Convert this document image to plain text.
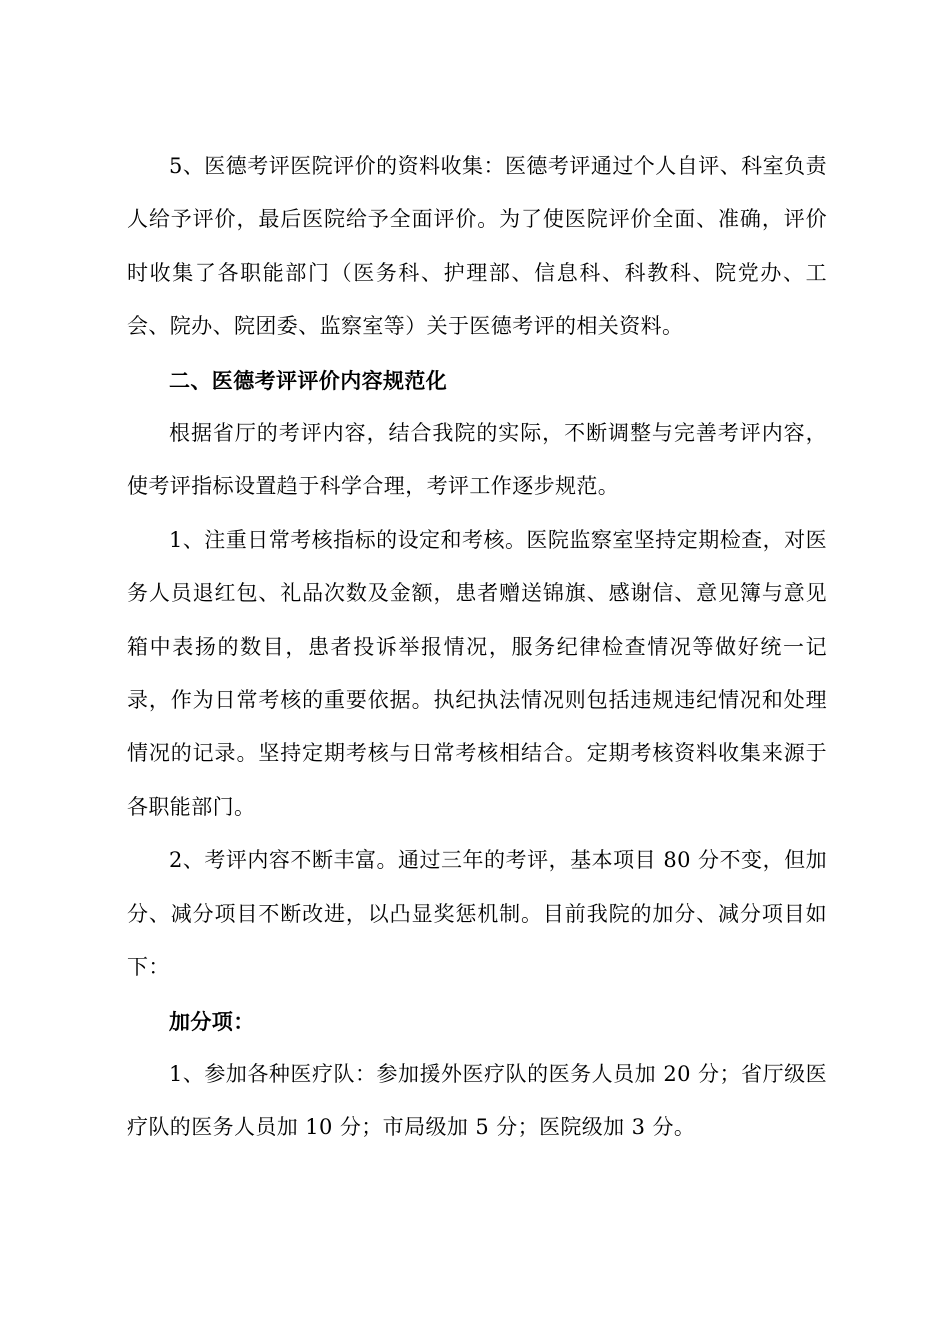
5、医德考评医院评价的资料收集：医德考评通过个人自评、科室负责人给予评价，最后医院给予全面评价。为了使医院评价全面、准确，评价时收集了各职能部门（医务科、护理部、信息科、科教科、院党办、工会、院办、院团委、监察室等）关于医德考评的相关资料。

二、医德考评评价内容规范化

根据省厅的考评内容，结合我院的实际，不断调整与完善考评内容，使考评指标设置趋于科学合理，考评工作逐步规范。

1、注重日常考核指标的设定和考核。医院监察室坚持定期检查，对医务人员退红包、礼品次数及金额，患者赠送锦旗、感谢信、意见簿与意见箱中表扬的数目，患者投诉举报情况，服务纪律检查情况等做好统一记录，作为日常考核的重要依据。执纪执法情况则包括违规违纪情况和处理情况的记录。坚持定期考核与日常考核相结合。定期考核资料收集来源于各职能部门。

2、考评内容不断丰富。通过三年的考评，基本项目 80 分不变，但加分、减分项目不断改进，以凸显奖惩机制。目前我院的加分、减分项目如下：

加分项：

1、参加各种医疗队：参加援外医疗队的医务人员加 20 分；省厅级医疗队的医务人员加 10 分；市局级加 5 分；医院级加 3 分。
